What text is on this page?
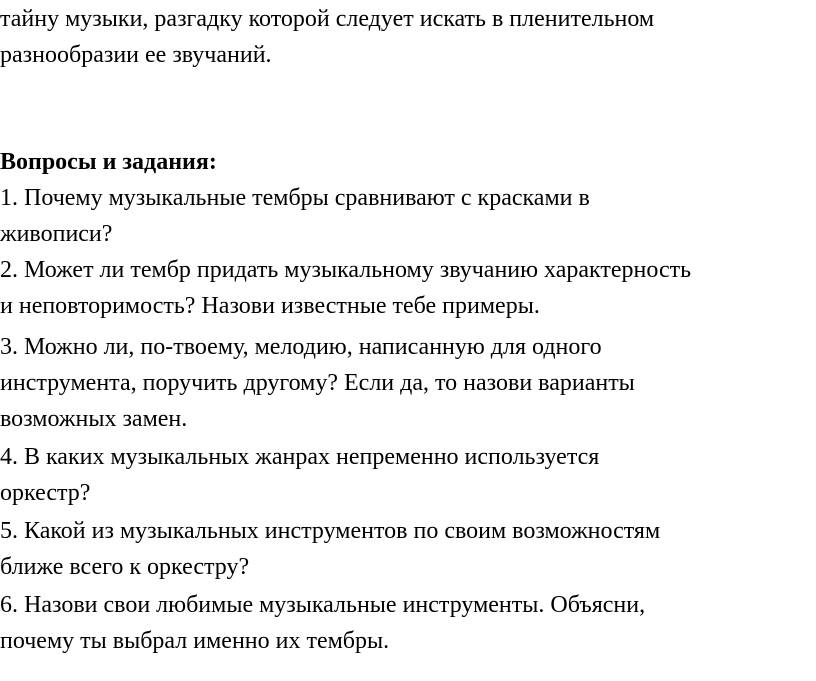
тайну музыки, разгадку которой следует искать в пленительном
разнообразии ее звучаний.
Вопросы и задания:
1. Почему музыкальные тембры сравнивают с красками в
живописи?
2. Может ли тембр придать музыкальному звучанию характерность
и неповторимость? Назови известные тебе примеры.
3. Можно ли, по-твоему, мелодию, написанную для одного
инструмента, поручить другому? Если да, то назови варианты
возможных замен.
4. В каких музыкальных жанрах непременно используется
оркестр?
5. Какой из музыкальных инструментов по своим возможностям
ближе всего к оркестру?
6. Назови свои любимые музыкальные инструменты. Объясни,
почему ты выбрал именно их тембры.
